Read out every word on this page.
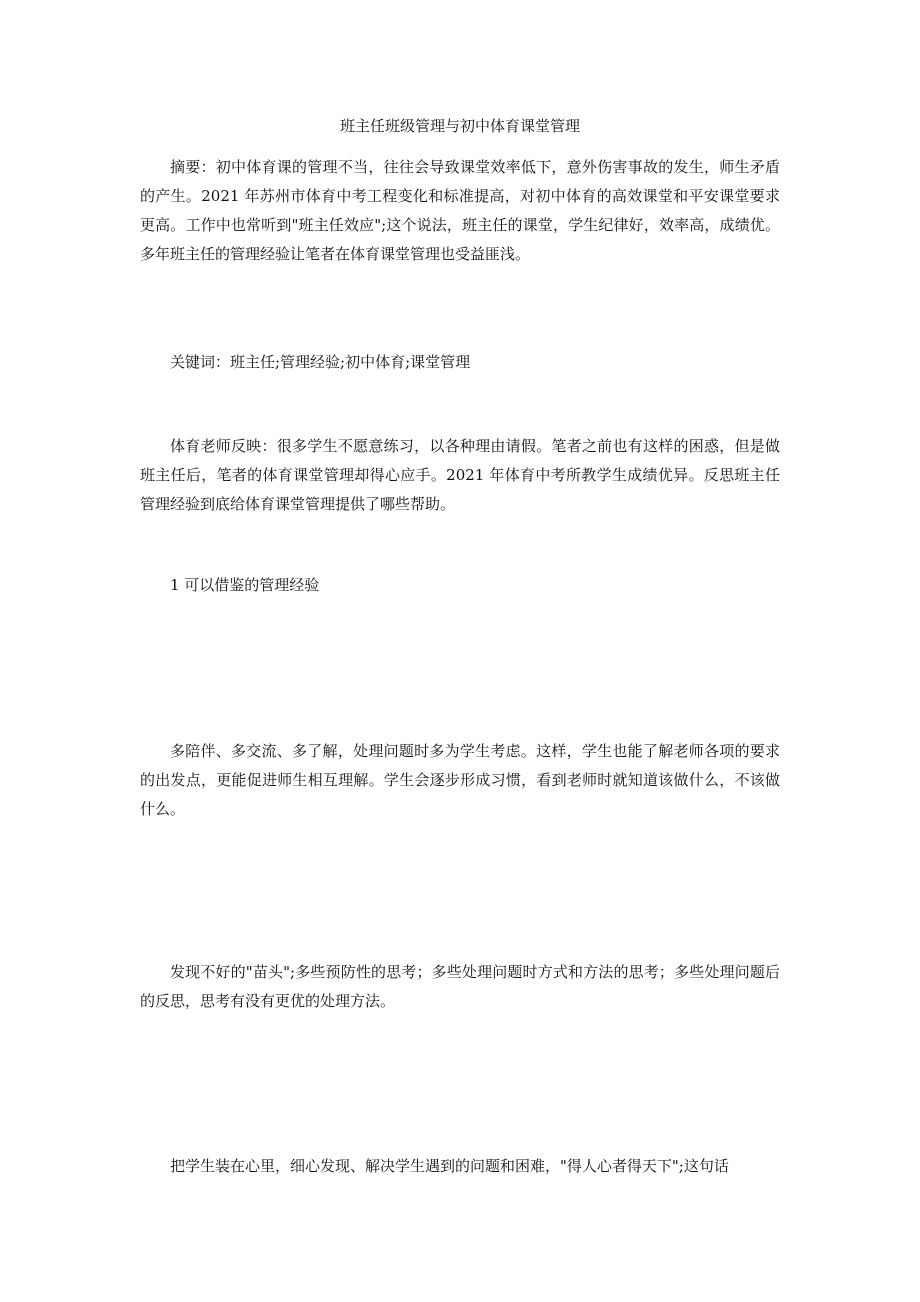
班主任班级管理与初中体育课堂管理

摘要：初中体育课的管理不当，往往会导致课堂效率低下，意外伤害事故的发生，师生矛盾的产生。2021 年苏州市体育中考工程变化和标准提高，对初中体育的高效课堂和平安课堂要求更高。工作中也常听到"班主任效应";这个说法，班主任的课堂，学生纪律好，效率高，成绩优。多年班主任的管理经验让笔者在体育课堂管理也受益匪浅。

关键词：班主任;管理经验;初中体育;课堂管理

体育老师反映：很多学生不愿意练习，以各种理由请假。笔者之前也有这样的困惑，但是做班主任后，笔者的体育课堂管理却得心应手。2021 年体育中考所教学生成绩优异。反思班主任管理经验到底给体育课堂管理提供了哪些帮助。

1 可以借鉴的管理经验

多陪伴、多交流、多了解，处理问题时多为学生考虑。这样，学生也能了解老师各项的要求的出发点，更能促进师生相互理解。学生会逐步形成习惯，看到老师时就知道该做什么，不该做什么。

发现不好的"苗头";多些预防性的思考；多些处理问题时方式和方法的思考；多些处理问题后的反思，思考有没有更优的处理方法。

把学生装在心里，细心发现、解决学生遇到的问题和困难，"得人心者得天下";这句话
